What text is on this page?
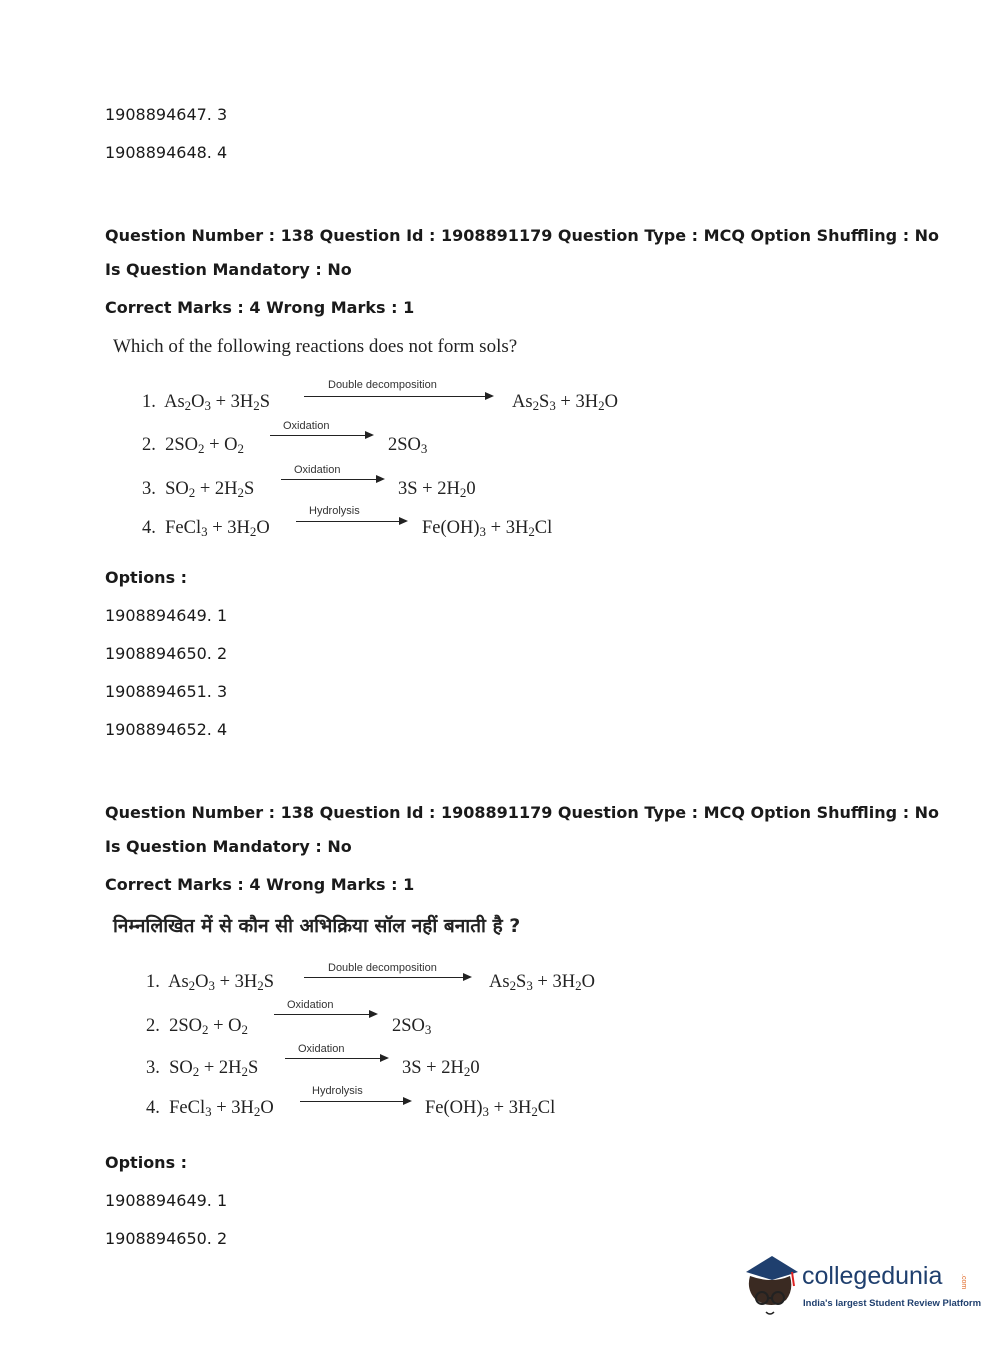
1908894647. 3
1908894648. 4
Question Number : 138 Question Id : 1908891179 Question Type : MCQ Option Shuffling : No
Is Question Mandatory : No
Correct Marks : 4 Wrong Marks : 1
Which of the following reactions does not form sols?
1.  $As_2O_3 + 3H_2S$
Double decomposition
$As_2S_3 + 3H_2O$
2.  $2SO_2 + O_2$
Oxidation
$2SO_3$
3.  $SO_2 + 2H_2S$
Oxidation
$3S + 2H_20$
4.  FeCl$_3$ + $3H_2O$
Hydrolysis
$Fe(OH)_3 + 3H_2Cl$
Options :
1908894649. 1
1908894650. 2
1908894651. 3
1908894652. 4
Question Number : 138 Question Id : 1908891179 Question Type : MCQ Option Shuffling : No
Is Question Mandatory : No
Correct Marks : 4 Wrong Marks : 1
निम्नलिखित में से कौन सी अभिक्रिया सॉल नहीं बनाती है ?
1.  $As_2O_3 + 3H_2S$
Double decomposition
$As_2S_3 + 3H_2O$
2.  $2SO_2 + O_2$
Oxidation
$2SO_3$
3.  $SO_2 + 2H_2S$
Oxidation
$3S + 2H_20$
4.  FeCl$_3$ + $3H_2O$
Hydrolysis
$Fe(OH)_3 + 3H_2Cl$
Options :
1908894649. 1
1908894650. 2
collegedunia	.com
India's largest Student Review Platform
